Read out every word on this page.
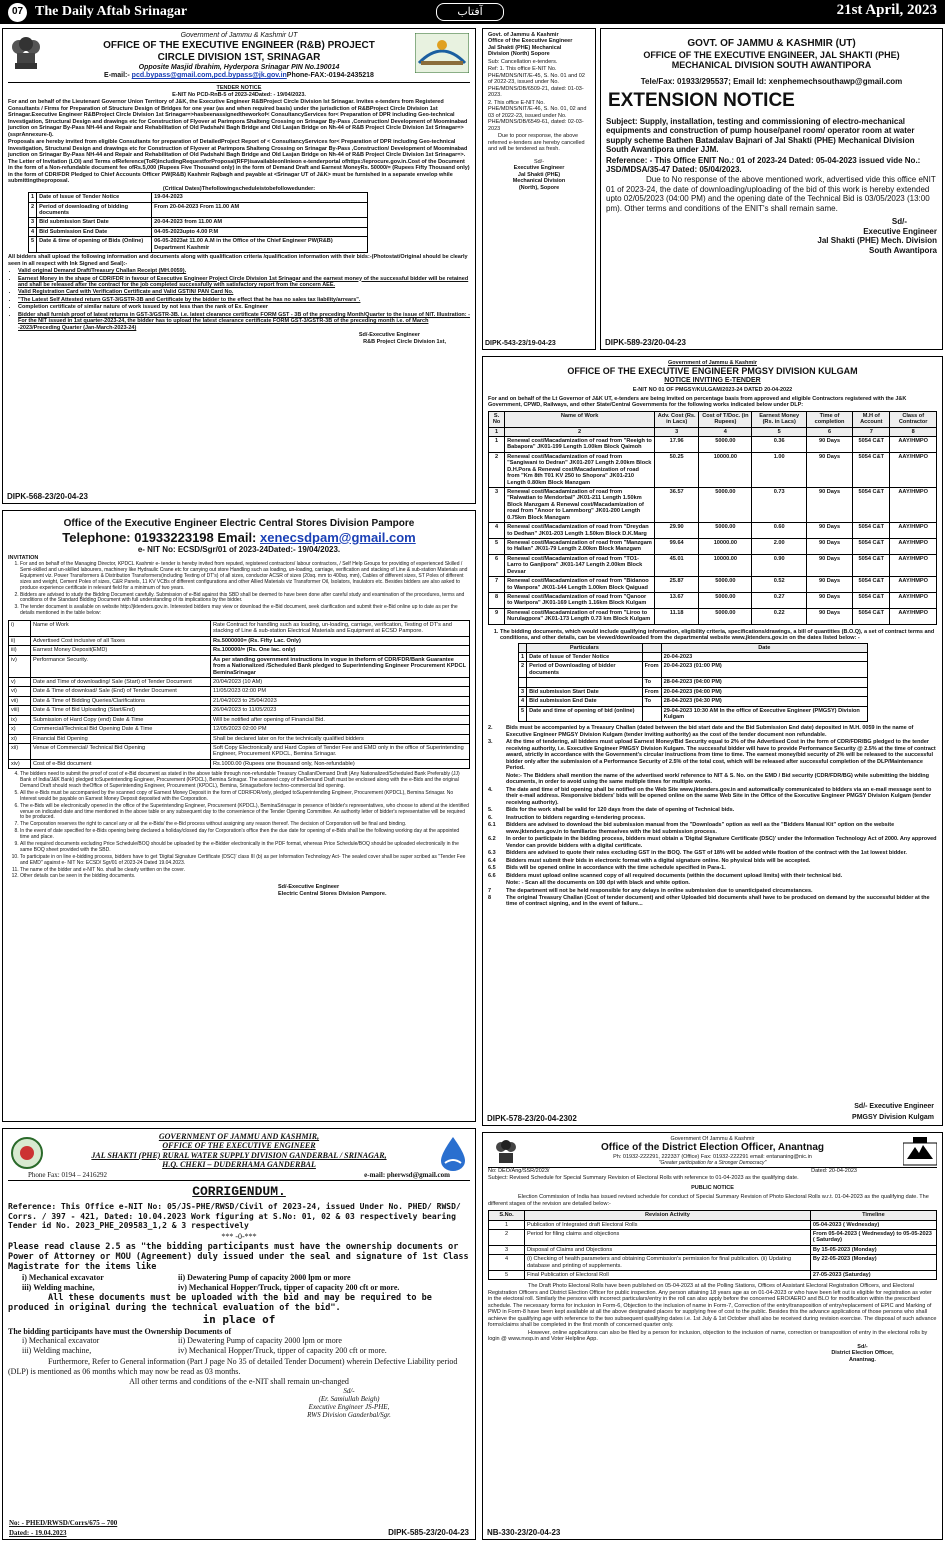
07 The Daily Aftab Srinagar	آفتاب	21st April, 2023
Government of Jammu & Kashmir UT
OFFICE OF THE EXECUTIVE ENGINEER (R&B) PROJECT
CIRCLE DIVISION 1ST, SRINAGAR
Opposite Masjid Ibrahim, Hyderpora Srinagar PIN No.190014
E-mail:- pcd.bypass@gmail.com,pcd.bypass@jk.gov.inPhone-FAX:-0194-2435218
TENDER NOTICE
E-NIT No PCD-RnB-5 of 2023-24Dated: - 19/04/2023.

For and on behalf of the Lieutenant Governor Union Territory of J&K, the Executive Engineer R&BProject Circle Division Ist Srinagar. Invites e-tenders from Registered Consultants / Firms for Preparation of Structure Design of Bridges for one year (as and when required basis) under the jurisdiction of R&BProject Circle Division 1st Srinagar.Executive Engineer R&BProject Circle Division 1st Srinagar=>hasbeenassignedtheworkof< ConsultancyServices for< Preparation of DPR including Geo-technical Investigation, Structural Design and drawings etc for Construction of Flyover at Parimpora Shalteng Crossing on Srinagar By-Pass ,Construction/ Development of Moominabad junction on Srinagar By-Pass NH-44 and Repair and Rehabilitation of Old Padshahi Bagh Bridge and Old Lasjan Bridge on Nh-44 of R&B Project Circle Division 1st Srinagar=>(ssprAnnexure-I).

Proposals are hereby invited from eligible Consultants for preparation of DetailedProject Report of < ConsultancyServices for< Preparation of DPR including Geo-technical Investigation, Structural Design and drawings etc for Construction of Flyover at Parimpora Shalteng Crossing on Srinagar By-Pass ,Construction/ Development of Moominabad junction on Srinagar By-Pass NH-44 and Repair and Rehabilitation of Old Padshahi Bagh Bridge and Old Lasjan Bridge on Nh-44 of R&B Project Circle Division 1st Srinagar=>. The Letter of Invitation (LOI) and Terms ofReference(ToR)includingRequestforProposal(RFP)isavailableonlinieon e-tenderportal ofhttps://eprocure.gov.in.Cost of the Document in the form of a Non-refundable document fee ofRs.5,000 (Rupees Five Thousand only) in the form of Demand Draft and Earnest MoneyRs. 50000/= (Rupees Fifty Thousand only) in the form of CDR/FDR Pledged to Chief Accounts Officer PW(R&B) Kashmir Rajbagh and payable at <Srinagar UT of J&K> must be furnished in a separate envelop while submittingtheproposal.

(Critical Dates)Thefollowingscheduleistobefollowedunder:
1	Date of Issue of Tender Notice	19-04-2023
2	Period of downloading of bidding documents	From 20-04-2023 From 11.00 AM
3	Bid submission Start Date	20-04-2023 from 11.00 AM
4	Bid Submission End Date	04-05-2023upto 4.00 P.M
5	Date & time of opening of Bids (Online)	06-05-2023at 11.00 A.M in the Office of the Chief Engineer PW(R&B) Department Kashmir

All bidders shall upload the following information and documents along with qualification criteria /qualification information with their bids:-(Photostat/Original should be clearly seen in all respect with Ink Signed and Seal):-

• Valid original Demand Draft/Treasury Challan Receipt (MH.0059).
• Earnest Money in the shape of CDR/FDR in favour of Executive Engineer Project Circle Division 1st Srinagar and the earnest money of the successful bidder will be retained and shall be released after the contract for the job completed successfully with satisfactory report from the concern AEE.
• Valid Registration Card with Verification Certificate and Valid GSTIN/ PAN Card No.
• "The Latest Self Attested return GST-3/GSTR-3B and Certificate by the bidder to the effect that he has no sales tax liability/arrears".
• Completion certificate of similar nature of work issued by not less than the rank of Ex. Engineer
• Bidder shall furnish proof of latest returns in GST-3/GSTR-3B. i.e. latest clearance certificate FORM GST - 3B of the preceding Month/Quarter to the issue of NIT. Illustration: - For the NIT issued in 1st quarter-2023-24, the bidder has to upload the latest clearance certificate FORM GST-3/GSTR-3B of the preceding month i.e. of March -2023/Preceding Quarter (Jan-March-2023-24)
Sd/-Executive Engineer
R&B Project Circle Division 1st,
DIPK-568-23/20-04-23
Govt. of Jammu & Kashmir
Office of the Executive Engineer
Jal Shakti (PHE) Mechanical
Division (North) Sopore

Sub: Cancellation e-tenders.

Ref: 1. This office E-NIT No. PHE/MDNS/NIT/E-45, S. No. 01 and 02 of 2022-23, issued under No. PHE/MDNS/DB/6509-21, dated: 01-03-2023.

2. This office E-NIT No. PHE/MDNS/NIT/E-46, S. No. 01, 02 and 03 of 2022-23, issued under No. PHE/MDNS/DB/6549-61, dated: 02-03-2023

Due to poor response, the above referred e-tenders are hereby cancelled and will be tendered as fresh.

Sd/-
Executive Engineer
Jal Shakti (PHE)
Mechanical Division
(North), Sopore
DIPK-543-23/19-04-23
GOVT. OF JAMMU & KASHMIR (UT)
OFFICE OF THE EXECUTIVE ENGINEER, JAL SHAKTI (PHE)
MECHANICAL DIVISION SOUTH AWANTIPORA
Tele/Fax: 01933/295537; Email Id: xenphemechsouthawp@gmail.com
EXTENSION NOTICE

Subject: Supply, installation, testing and commissioning of electro-mechanical equipments and construction of pump house/panel room/ operator room at water supply scheme Bathen Batadalav Bajnari of Jal Shakti (PHE) Mechanical Division South Awantipora under JJM.

Reference: - This Office ENIT No.: 01 of 2023-24 Dated: 05-04-2023 issued vide No.: JSD/MDSA/35-47 Dated: 05/04/2023.

Due to No response of the above mentioned work, advertised vide this office eNIT 01 of 2023-24, the date of downloading/uploading of the bid of this work is hereby extended upto 02/05/2023 (04:00 PM) and the opening date of the Technical Bid is 03/05/2023 (13:00 pm). Other terms and conditions of the ENIT's shall remain same.

Sd/-
Executive Engineer
Jal Shakti (PHE) Mech. Division
South Awantipora
DIPK-589-23/20-04-23
Government of Jammu & Kashmir
OFFICE OF THE EXECUTIVE ENGINEER PMGSY DIVISION KULGAM
NOTICE INVITING E-TENDER
E-NIT NO 01 OF PMGSY/KULGAM/2023-24 DATED 20-04-2022

For and on behalf of the Lt Governor of J&K UT, e-tenders are being invited on percentage basis from approved and eligible Contractors registered with the J&K Government, CPWD, Railways, and other State/Central Governments for the following works indicated below under DLP:

S. No	Name of Work	Adv. Cost (Rs. in Lacs)	Cost of T/Doc. (in Rupees)	Earnest Money (Rs. in Lacs)	Time of completion	M.H of Account	Class of Contractor
1	2	3	4	5	6	7	8
1	Renewal cost/Macadamization of road from "Reeigh to Babapora" JK01-199 Length 1.00km Block Qaimoh	17.96	5000.00	0.36	90 Days	5054 C&T	AAY/HMPO
2	Renewal cost/Macadamization of road from "Sangiwani to Dedran" JK01-207 Length 2.00km Block D.H.Pora & Renewal cost/Macadamization of road from "Km 8th T01 KV 250 to Shopora" JK01-210 Length 0.80km Block Manzgam	50.25	10000.00	1.00	90 Days	5054 C&T	AAY/HMPO
3	Renewal cost/Macadamization of road from "Ralwatian to Mendorbal" JK01-211 Length 1.50km Block Manzgam & Renewal cost/Macadamization of road from "Anoor to Lammborg" JK01-200 Length 0.75km Block Manzgam	36.57	5000.00	0.73	90 Days	5054 C&T	AAY/HMPO
4	Renewal cost/Macadamization of road from "Dreydan to Dedhan" JK01-203 Length 1.50km Block D.K.Marg	29.90	5000.00	0.60	90 Days	5054 C&T	AAY/HMPO
5	Renewal cost/Macadamization of road from "Manzgam to Hallan" JK01-79 Length 2.00km Block Manzgam	99.64	10000.00	2.00	90 Days	5054 C&T	AAY/HMPO
6	Renewal cost/Macadamization of road from "TO1-Larro to Ganjipora" JK01-147 Length 2.00km Block Devsar	45.01	10000.00	0.90	90 Days	5054 C&T	AAY/HMPO
7	Renewal cost/Macadamization of road from "Bidanoo to Wanpora" JK01-144 Length 1.00km Block Qaiguad	25.87	5000.00	0.52	90 Days	5054 C&T	AAY/HMPO
8	Renewal cost/Macadamization of road from "Qanoor to Waripora" JK01-169 Length 1.16km Block Kulgam	13.67	5000.00	0.27	90 Days	5054 C&T	AAY/HMPO
9	Renewal cost/Macadamization of road from "Liroo to Nurulagpora" JK01-173 Length 0.73 km Block Kulgam	11.18	5000.00	0.22	90 Days	5054 C&T	AAY/HMPO
1. The bidding documents, which would include qualifying information, eligibility criteria, specifications/drawings, a bill of quantities (B.O.Q), a set of contract terms and conditions, and other details, can be viewed/downloaded from the departmental website www.jktenders.gov.in on the dates listed below: -
	Particulars		Date
1	Date of Issue of Tender Notice		20-04-2023
2	Period of Downloading of bidder documents	From	20-04-2023 (01:00 PM)
		To	28-04-2023 (04:00 PM)
3	Bid submission Start Date	From	20-04-2023 (04:00 PM)
4	Bid submission End Date	To	28-04-2023 (04:30 PM)
5	Date and time of opening of bid (online)		29-04-2023 10:30 AM In the office of Executive Engineer (PMGSY) Division Kulgam
2.	Bids must be accompanied by a Treasury Challan (dated between the bid start date and the Bid Submission End date) deposited in M.H. 0059 in the name of Executive Engineer PMGSY Division Kulgam (tender inviting authority) as the cost of the tender document non refundable.
3.	At the time of tendering, all bidders must upload Earnest Money/Bid Security equal to 2% of the Advertised Cost in the form of CDR/FDR/BG pledged to the tender receiving authority, i.e. Executive Engineer PMGSY Division Kulgam. The successful bidder will have to provide Performance Security @ 2.5% at the time of contract award, strictly in accordance with the Government's circular instructions from time to time. The earnest money/bid security of 2% will be released to the successful bidder only after the submission of a Performance Security of 2.5% of the total cost, which will be released after successful completion of the DLP/Maintenance Period.
Note:- The Bidders shall mention the name of the advertised work/ reference to NIT & S. No. on the EMD / Bid security (CDR/FDR/BG) while submitting the bidding documents, in order to avoid using the same multiple times for multiple works.
4.	The date and time of bid opening shall be notified on the Web Site www.jktenders.gov.in and automatically communicated to bidders via an e-mail message sent to their e-mail address. Responsive bidders' bids will be opened online on the same Web Site in the Office of the Executive Engineer PMGSY Division Kulgam (tender receiving authority).
5.	Bids for the work shall be valid for 120 days from the date of opening of Technical bids.
6.	Instruction to bidders regarding e-tendering process.
6.1	Bidders are advised to download the bid submission manual from the "Downloads" option as well as the "Bidders Manual Kit" option on the website www.jktenders.gov.in to familiarize themselves with the bid submission process.
6.2	In order to participate in the bidding process, bidders must obtain a 'Digital Signature Certificate (DSC)' under the Information Technology Act of 2000. Any approved Vendor can provide bidders with a digital certificate.
6.3	Bidders are advised to quote their rates excluding GST in the BOQ. The GST of 18% will be added while fixation of the contract with the 1st lowest bidder.
6.4	Bidders must submit their bids in electronic format with a digital signature online. No physical bids will be accepted.
6.5	Bids will be opened online in accordance with the time schedule specified in Para-1.
6.6	Bidders must upload online scanned copy of all required documents (within the document upload limits) with their technical bid.
Note: - Scan all the documents on 100 dpi with black and white option.
7	The department will not be held responsible for any delays in online submission due to unanticipated circumstances.
8	The original Treasury Challan (Cost of tender document) and other Uploaded bid documents shall have to be produced on demand by the successful bidder at the time of contract signing, and in the event of failure...
Sd/- Executive Engineer
PMGSY Division Kulgam
DIPK-578-23/20-04-2302
Office of the Executive Engineer Electric Central Stores Division Pampore
Telephone: 01933223198 Email: xenecsdpam@gmail.com
e- NIT No: ECSD/Sgr/01 of 2023-24Dated:- 19/04/2023.
INVITATION
1. For and on behalf of the Managing Director, KPDCL Kashmir e- tender is hereby invited from reputed, registered contractors/ labour contractors, / Self Help Groups for providing of experienced Skilled / Semi-skilled and un-skilled labourers, machinery like Hydraulic Crane etc for carrying out store Handling such as loading, un-loading, carriage, verification and stacking of Line & sub-station Materials and Equipment viz. Power Transformers & Distribution Transformers(including Testing of DT's) of all sizes, conductor ACSR of sizes (20sq. mm to 400sq. mm), Cables of different sizes, ST Poles of different sizes and weight, Cement Poles of sizes, C&R Panels, 11 KV VCBs of different configurations and other Allied Materials viz Transformer Oil, Isolators, Insulators etc. Besides bidders are also asked to produce experience certificate in relevant field for a minimum of two years.
2. Bidders are advised to study the Bidding Document carefully. Submission of e-Bid against this SBD shall be deemed to have been done after careful study and examination of the procedures, terms and conditions of the Standard Bidding Document with full understanding of its implications by the bidder.
3. The tender document is available on website http://jktenders.gov.in. Interested bidders may view or download the e-Bid document, seek clarification and submit their e-Bid online up to date as per the details mentioned in the table below:
i)	Name of Work	Rate Contract for handling such as loading, un-loading, carriage, verification, Testing of DT's and stacking of Line & sub-station Electrical Materials and Equipment at ECSD Pampore.
ii)	Advertised Cost inclusive of all Taxes	Rs.5000000= (Rs. Fifty Lac. Only)
iii)	Earnest Money Deposit(EMD)	Rs.100000/= (Rs. One lac. only)
iv)	Performance Security.	As per standing government instructions in vogue in theform of CDR/FDR/Bank Guarantee from a Nationalized /Scheduled Bank pledged to Superintending Engineer Procurement KPDCL BeminaSrinagar
v)	Date and Time of downloading/ Sale (Start) of Tender Document	20/04/2023 (10 AM)
vi)	Date & Time of download/ Sale (End) of Tender Document	11/05/2023 02:00 PM
vii)	Date & Time of Bidding Queries/Clarifications	21/04/2023 to 25/04/2023
viii)	Date & Time of Bid Uploading (Start/End)	26/04/2023 to 11/05/2023
ix)	Submission of Hard Copy (end) Date & Time	Will be notified after opening of Financial Bid.
x)	Commercial/Technical Bid Opening Date & Time	12/05/2023 02:00 PM
xi)	Financial Bid Opening	Shall be declared later on for the technically qualified bidders
xii)	Venue of Commercial/ Technical Bid Opening	Soft Copy Electronically and Hard Copies of Tender Fee and EMD only in the office of Superintending Engineer, Procurement KPDCL, Bemina Srinagar.
xiv)	Cost of e-Bid document	Rs.1000.00 (Rupees one thousand only, Non-refundable)
4. The bidders need to submit the proof of cost of e-Bid document as stated in the above table through non-refundable Treasury Challan/Demand Draft (Any Nationalized/Scheduled Bank Preferably (JJ) Bank of India/J&K Bank) pledged toSuperintending Engineer, Procurement (KPDCL), Bemina Srinagar. The scanned copy of theDemand Draft must be enclosed along with the e-Bids and the original Demand Draft should reach theOffice of Superintending Engineer, Procurement (KPDCL), Bemina, Srinagarbefore techno-commercial bid opening.
5. All the e-Bids must be accompanied by the scanned copy of Earnest Money Deposit in the form of CDR/FDR/only, pledged toSuperintending Engineer, Procurement (KPDCL), Bemina Srinagar. No Interest would be payable on Earnest Money Deposit deposited with the Corporation.
6. The e-Bids will be electronically opened in the office of the Superintending Engineer, Procurement (KPDCL), BeminaSrinagar in presence of bidder's representatives, who choose to attend at the identified venue on indicated date and time mentioned in the above table or any subsequent day to the convenience of the Tender Opening Committee. An authority letter of bidder's representative will be required to be produced.
7. The Corporation reserves the right to cancel any or all the e-Bids/ the e-Bid process without assigning any reason thereof. The decision of Corporation will be final and binding.
8. In the event of date specified for e-Bids opening being declared a holiday/closed day for Corporation's office then the due date for opening of e-Bids shall be the following working day at the appointed time and place.
9. All the required documents excluding Price Schedule/BOQ should be uploaded by the e-Bidder electronically in the PDF format, whereas Price Schedule/BOQ should be uploaded electronically in the same BOQ sheet provided with the SBD.
10. To participate in on line e-bidding process, bidders have to get 'Digital Signature Certificate (DSC)' class III (b) as per Information Technology Act- The sealed cover shall be super scribed as "Tender Fee and EMD" against e- NIT No: ECSD/ Sgr/01 of 2023-24 Dated 19.04.2023.
11. The name of the bidder and e-NIT No. shall be clearly written on the cover.
12. Other details can be seen in the bidding documents.
Sd/-Executive Engineer
Electric Central Stores Division Pampore.
GOVERNMENT OF JAMMU AND KASHMIR,
OFFICE OF THE EXECUTIVE ENGINEER
JAL SHAKTI (PHE) RURAL WATER SUPPLY DIVISION GANDERBAL / SRINAGAR,
H.Q. CHEKI – DUDERHAMA GANDERBAL
Phone Fax: 0194 – 2416292	e-mail: pherwsd@gmail.com
CORRIGENDUM.

Reference: This Office e-NIT No: 05/JS-PHE/RWSD/Civil of 2023-24, issued Under No. PHED/ RWSD/ Corrs. / 397 - 421, Dated: 10.04.2023 Work figuring at S.No: 01, 02 & 03 respectively bearing Tender id No. 2023_PHE_209583_1,2 & 3 respectively

*** -0-***

Please read clause 2.5 as "the bidding participants must have the ownership documents or Power of Attorney or MOU (Agreement) duly issued under the seal and signature of 1st Class Magistrate for the items like

i) Mechanical excavator	ii) Dewatering Pump of capacity 2000 lpm or more
iii) Welding machine,	iv) Mechanical Hopper/Truck, tipper of capacity 200 cft or more.

All these documents must be uploaded with the bid and may be required to be produced in original during the technical evaluation of the bid".

in place of
The bidding participants have must the Ownership Documents of
i) Mechanical excavator	ii) Dewatering Pump of capacity 2000 lpm or more
iii) Welding machine,	iv) Mechanical Hopper/Truck, tipper of capacity 200 cft or more.

Furthermore, Refer to General information (Part J page No 35 of detailed Tender Document) wherein Defective Liability period (DLP) is mentioned as 06 months which may now be read as 03 months.

All other terms and conditions of the e-NIT shall remain un-changed
Sd/-
(Er. Samiullah Beigh)
Executive Engineer JS-PHE,
RWS Division Ganderbal/Sgr.
No: - PHED/RWSD/Corrs/675 – 700
Dated: - 19.04.2023	DIPK-585-23/20-04-23
Government Of Jammu & Kashmir
Office of the District Election Officer, Anantnag
Ph: 01932-222291, 222337 (Office) Fax: 01932-222291 email: entananing@nic.in
"Greater participation for a Stronger Democracy"
No: DEO/Ang/SSR/2023/	Dated: 20-04-2023

Subject: Revised Schedule for Special Summary Revision of Electoral Rolls with reference to 01-04-2023 as the qualifying date.

PUBLIC NOTICE

Election Commission of India has issued revised schedule for conduct of Special Summary Revision of Photo Electoral Rolls w.r.t. 01-04-2023 as the qualifying date. The different stages of the revision are detailed below:-

S.No.	Revision Activity	Timeline
1	Publication of Integrated draft Electoral Rolls	05-04-2023 ( Wednesday)
2	Period for filing claims and objections	From 05-04-2023 ( Wednesday) to 05-05-2023 ( Saturday)
3	Disposal of Claims and Objections	By 15-05-2023 (Monday)
4	(i) Checking of health parameters and obtaining Commission's permission for final publication. (ii) Updating database and printing of supplements.	By 22-05-2023 (Monday)
5	Final Publication of Electoral Roll	27-05-2023 (Saturday)

The Draft Photo Electoral Rolls have been published on 05-04-2023 at all the Polling Stations, Offices of Assistant Electoral Registration Officers, and Electoral Registration Officers and District Election Officer for public inspection. Any person attaining 18 years age as on 01-04-2023 or who have been left out is eligible for registration as voter in the electoral roll. Similarly the persons with incorrect particulars/entry in the roll can also apply before the concerned ERO/AERO and BLO for modification within the prescribed schedule. The necessary forms for inclusion in Form-6, Objection to the inclusion of name in Form-7, Correction of the entry/transposition of entry/replacement of EPIC and Marking of PWD in Form-8 have been kept available at all the above designated places for supplying free of cost to the public. Besides this the advance applications of those persons who shall achieve the qualifying age with reference to the two subsequent qualifying dates i.e. 1st July & 1st October shall also be received during revision exercise. The disposal of such advance forms/claims shall be completed in the first month of concerned quarter only.

However, online applications can also be filed by a person for inclusion, objection to the inclusion of name, correction or transposition of entry in the electoral rolls by login @ www.nvsp.in and Voter Helpline App.

Sd/-
District Election Officer,
Anantnag.
NB-330-23/20-04-23
